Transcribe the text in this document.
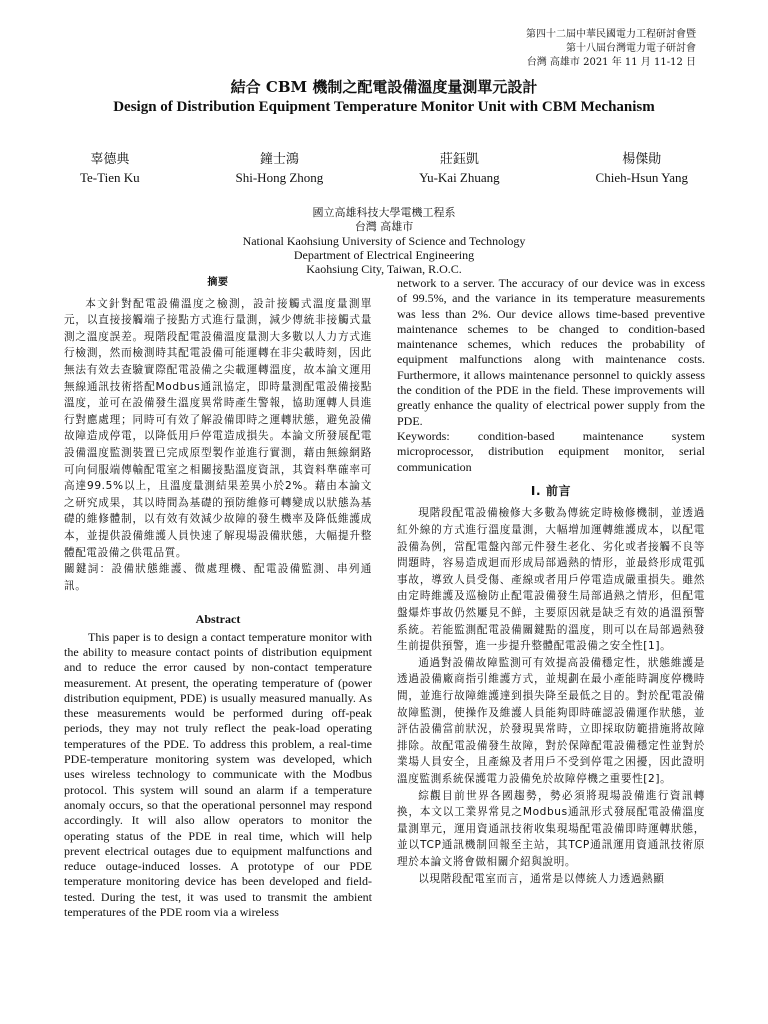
第四十二屆中華民國電力工程研討會暨
第十八屆台灣電力電子研討會
台灣 高雄市 2021 年 11 月 11-12 日
結合 CBM 機制之配電設備溫度量測單元設計
Design of Distribution Equipment Temperature Monitor Unit with CBM Mechanism
辜德典
Te-Tien Ku
鐘士鴻
Shi-Hong Zhong
莊鈺凱
Yu-Kai Zhuang
楊傑勛
Chieh-Hsun Yang
國立高雄科技大學電機工程系
台灣 高雄市
National Kaohsiung University of Science and Technology
Department of Electrical Engineering
Kaohsiung City, Taiwan, R.O.C.
摘要

本文針對配電設備溫度之檢測，設計接觸式溫度量測單元，以直接接觸端子接點方式進行量測，減少傳統非接觸式量測之溫度誤差。現階段配電設備溫度量測大多數以人力方式進行檢測，然而檢測時其配電設備可能運轉在非尖載時刻，因此無法有效去查驗實際配電設備之尖載運轉溫度，故本論文運用無線通訊技術搭配Modbus通訊協定，即時量測配電設備接點溫度，並可在設備發生溫度異常時產生警報，協助運轉人員進行對應處理；同時可有效了解設備即時之運轉狀態，避免設備故障造成停電，以降低用戶停電造成損失。本論文所發展配電設備溫度監測裝置已完成原型製作並進行實測，藉由無線網路可向伺服端傳輸配電室之相關接點溫度資訊，其資料準確率可高達99.5%以上，且溫度量測結果差異小於2%。藉由本論文之研究成果，其以時間為基礎的預防維修可轉變成以狀態為基礎的維修體制，以有效有效減少故障的發生機率及降低維護成本，並提供設備維護人員快速了解現場設備狀態，大幅提升整體配電設備之供電品質。

關鍵詞：設備狀態維護、微處理機、配電設備監測、串列通訊。

Abstract

This paper is to design a contact temperature monitor with the ability to measure contact points of distribution equipment and to reduce the error caused by non-contact temperature measurement. At present, the operating temperature of (power distribution equipment, PDE) is usually measured manually. As these measurements would be performed during off-peak periods, they may not truly reflect the peak-load operating temperatures of the PDE. To address this problem, a real-time PDE-temperature monitoring system was developed, which uses wireless technology to communicate with the Modbus protocol. This system will sound an alarm if a temperature anomaly occurs, so that the operational personnel may respond accordingly. It will also allow operators to monitor the operating status of the PDE in real time, which will help prevent electrical outages due to equipment malfunctions and reduce outage-induced losses. A prototype of our PDE temperature monitoring device has been developed and field-tested. During the test, it was used to transmit the ambient temperatures of the PDE room via a wireless

network to a server. The accuracy of our device was in excess of 99.5%, and the variance in its temperature measurements was less than 2%. Our device allows time-based preventive maintenance schemes to be changed to condition-based maintenance schemes, which reduces the probability of equipment malfunctions along with maintenance costs. Furthermore, it allows maintenance personnel to quickly assess the condition of the PDE in the field. These improvements will greatly enhance the quality of electrical power supply from the PDE.

Keywords: condition-based maintenance system microprocessor, distribution equipment monitor, serial communication

I. 前言

現階段配電設備檢修大多數為傳統定時檢修機制，並透過紅外線的方式進行溫度量測，大幅增加運轉維護成本，以配電設備為例，當配電盤內部元件發生老化、劣化或者接觸不良等問題時，容易造成迴而形成局部過熱的情形，並最終形成電弧事故，導致人員受傷、產線或者用戶停電造成嚴重損失。雖然由定時維護及巡檢防止配電設備發生局部過熱之情形，但配電盤爆炸事故仍然屢見不鮮，主要原因就是缺乏有效的過溫預警系統。若能監測配電設備關鍵點的溫度，則可以在局部過熱發生前提供預警，進一步提升整體配電設備之安全性[1]。

通過對設備故障監測可有效提高設備穩定性，狀態維護是透過設備廠商指引維護方式，並規劃在最小產能時調度停機時間，並進行故障維護達到損失降至最低之目的。對於配電設備故障監測，使操作及維護人員能夠即時確認設備運作狀態，並評估設備當前狀況，於發現異常時，立即採取防範措施將故障排除。故配電設備發生故障，對於保障配電設備穩定性並對於業場人員安全，且產線及者用戶不受到停電之困擾，因此證明溫度監測系統保護電力設備免於故障停機之重要性[2]。

綜觀目前世界各國趨勢，勢必須將現場設備進行資訊轉換，本文以工業界常見之Modbus通訊形式發展配電設備溫度量測單元，運用資通訊技術收集現場配電設備即時運轉狀態，並以TCP通訊機制回報至主站，其TCP通訊運用資通訊技術原理於本論文將會做相關介紹與說明。

以現階段配電室而言，通常是以傳統人力透過熱顯
